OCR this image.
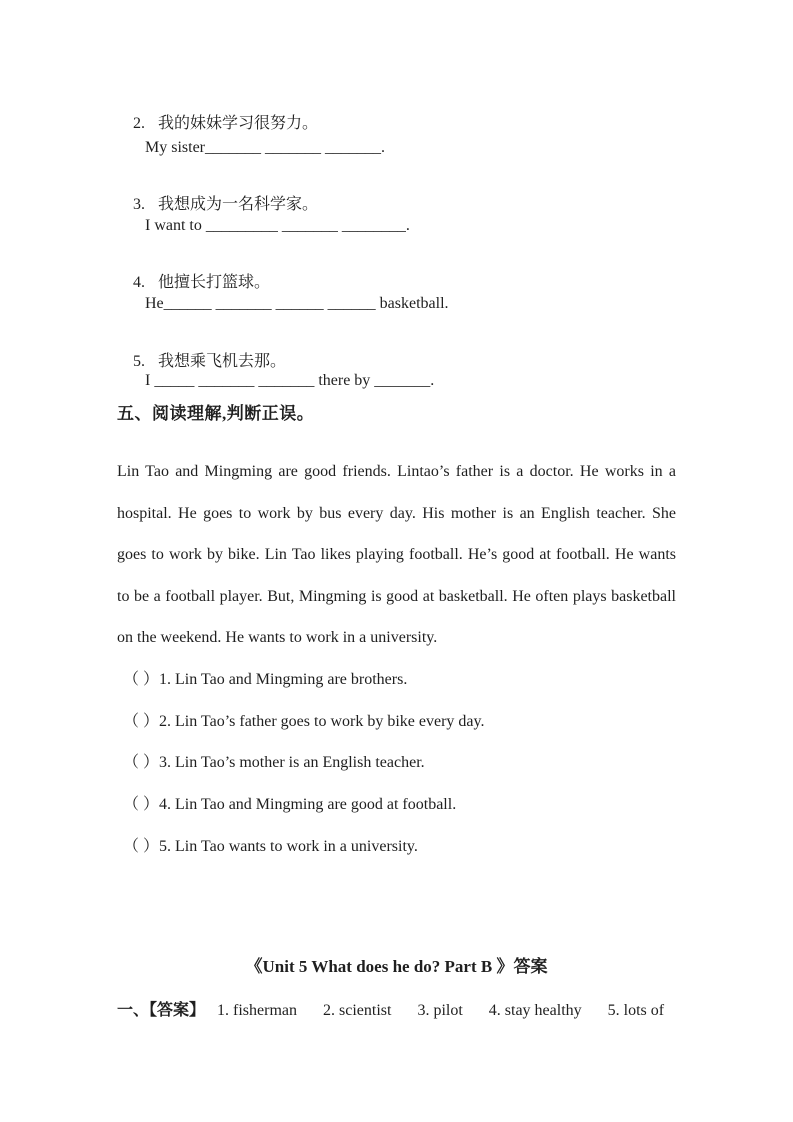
2. 我的妹妹学习很努力。

My sister_______ _______ _______.

3. 我想成为一名科学家。

I want to _________ _______ ________.

4. 他擅长打篮球。

He______ _______ ______ ______ basketball.

5. 我想乘飞机去那。

I _____ _______ _______ there by _______.
五、阅读理解,判断正误。
Lin Tao and Mingming are good friends. Lintao’s father is a doctor. He works in a
hospital. He goes to work by bus every day. His mother is an English teacher. She
goes to work by bike. Lin Tao likes playing football. He’s good at football. He wants
to be a football player. But, Mingming is good at basketball. He often plays basketball
on the weekend. He wants to work in a university.
（ ）1. Lin Tao and Mingming are brothers.
（ ）2. Lin Tao’s father goes to work by bike every day.
（ ）3. Lin Tao’s mother is an English teacher.
（ ）4. Lin Tao and Mingming are good at football.
（ ）5. Lin Tao wants to work in a university.
《Unit 5 What does he do? Part B 》答案
一、【答案】 1. fisherman 2. scientist 3. pilot 4. stay healthy 5. lots of
